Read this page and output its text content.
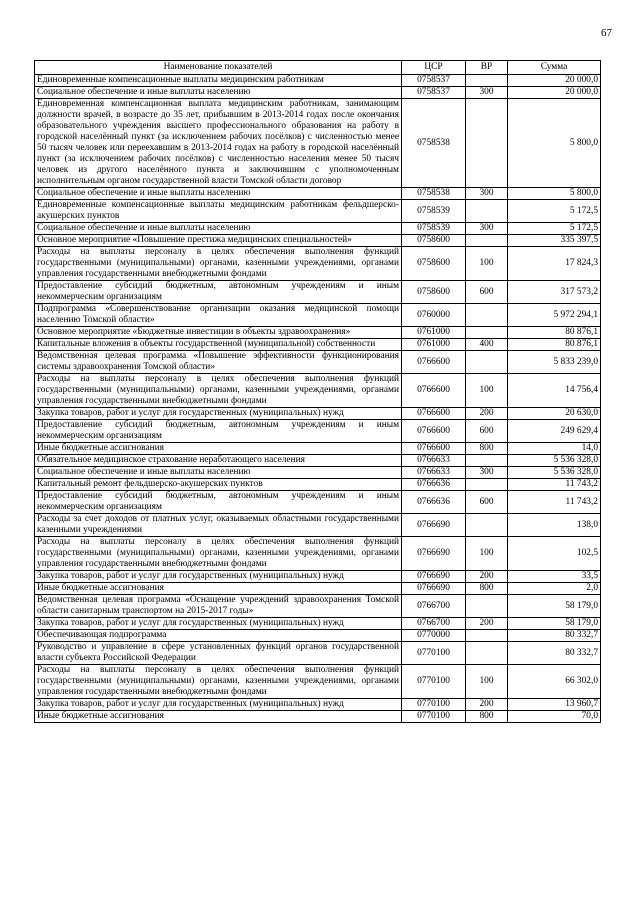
67
Наименование показателей	ЦСР	ВР	Сумма
Единовременные компенсационные выплаты медицинским работникам	0758537		20 000,0
Социальное обеспечение и иные выплаты населению	0758537	300	20 000,0
Единовременная компенсационная выплата медицинским работникам, занимающим должности врачей, в возрасте до 35 лет, прибывшим в 2013-2014 годах после окончания образовательного учреждения высшего профессионального образования на работу в городской населённый пункт (за исключением рабочих посёлков) с численностью менее 50 тысяч человек или переехавшим в 2013-2014 годах на работу в городской населённый пункт (за исключением рабочих посёлков) с численностью населения менее 50 тысяч человек из другого населённого пункта и заключившим с уполномоченным исполнительным органом государственной власти Томской области договор	0758538		5 800,0
Социальное обеспечение и иные выплаты населению	0758538	300	5 800,0
Единовременные компенсационные выплаты медицинским работникам фельдшерско-акушерских пунктов	0758539		5 172,5
Социальное обеспечение и иные выплаты населению	0758539	300	5 172,5
Основное мероприятие «Повышение престижа медицинских специальностей»	0758600		335 397,5
Расходы на выплаты персоналу в целях обеспечения выполнения функций государственными (муниципальными) органами, казенными учреждениями, органами управления государственными внебюджетными фондами	0758600	100	17 824,3
Предоставление субсидий бюджетным, автономным учреждениям и иным некоммерческим организациям	0758600	600	317 573,2
Подпрограмма «Совершенствование организации оказания медицинской помощи населению Томской области»	0760000		5 972 294,1
Основное мероприятие «Бюджетные инвестиции в объекты здравоохранения»	0761000		80 876,1
Капитальные вложения в объекты государственной (муниципальной) собственности	0761000	400	80 876,1
Ведомственная целевая программа «Повышение эффективности функционирования системы здравоохранения Томской области»	0766600		5 833 239,0
Расходы на выплаты персоналу в целях обеспечения выполнения функций государственными (муниципальными) органами, казенными учреждениями, органами управления государственными внебюджетными фондами	0766600	100	14 756,4
Закупка товаров, работ и услуг для государственных (муниципальных) нужд	0766600	200	20 630,0
Предоставление субсидий бюджетным, автономным учреждениям и иным некоммерческим организациям	0766600	600	249 629,4
Иные бюджетные ассигнования	0766600	800	14,0
Обязательное медицинское страхование неработающего населения	0766633		5 536 328,0
Социальное обеспечение и иные выплаты населению	0766633	300	5 536 328,0
Капитальный ремонт фельдшерско-акушерских пунктов	0766636		11 743,2
Предоставление субсидий бюджетным, автономным учреждениям и иным некоммерческим организациям	0766636	600	11 743,2
Расходы за счет доходов от платных услуг, оказываемых областными государственными казенными учреждениями	0766690		138,0
Расходы на выплаты персоналу в целях обеспечения выполнения функций государственными (муниципальными) органами, казенными учреждениями, органами управления государственными внебюджетными фондами	0766690	100	102,5
Закупка товаров, работ и услуг для государственных (муниципальных) нужд	0766690	200	33,5
Иные бюджетные ассигнования	0766690	800	2,0
Ведомственная целевая программа «Оснащение учреждений здравоохранения Томской области санитарным транспортом на 2015-2017 годы»	0766700		58 179,0
Закупка товаров, работ и услуг для государственных (муниципальных) нужд	0766700	200	58 179,0
Обеспечивающая подпрограмма	0770000		80 332,7
Руководство и управление в сфере установленных функций органов государственной власти субъекта Российской Федерации	0770100		80 332,7
Расходы на выплаты персоналу в целях обеспечения выполнения функций государственными (муниципальными) органами, казенными учреждениями, органами управления государственными внебюджетными фондами	0770100	100	66 302,0
Закупка товаров, работ и услуг для государственных (муниципальных) нужд	0770100	200	13 960,7
Иные бюджетные ассигнования	0770100	800	70,0
